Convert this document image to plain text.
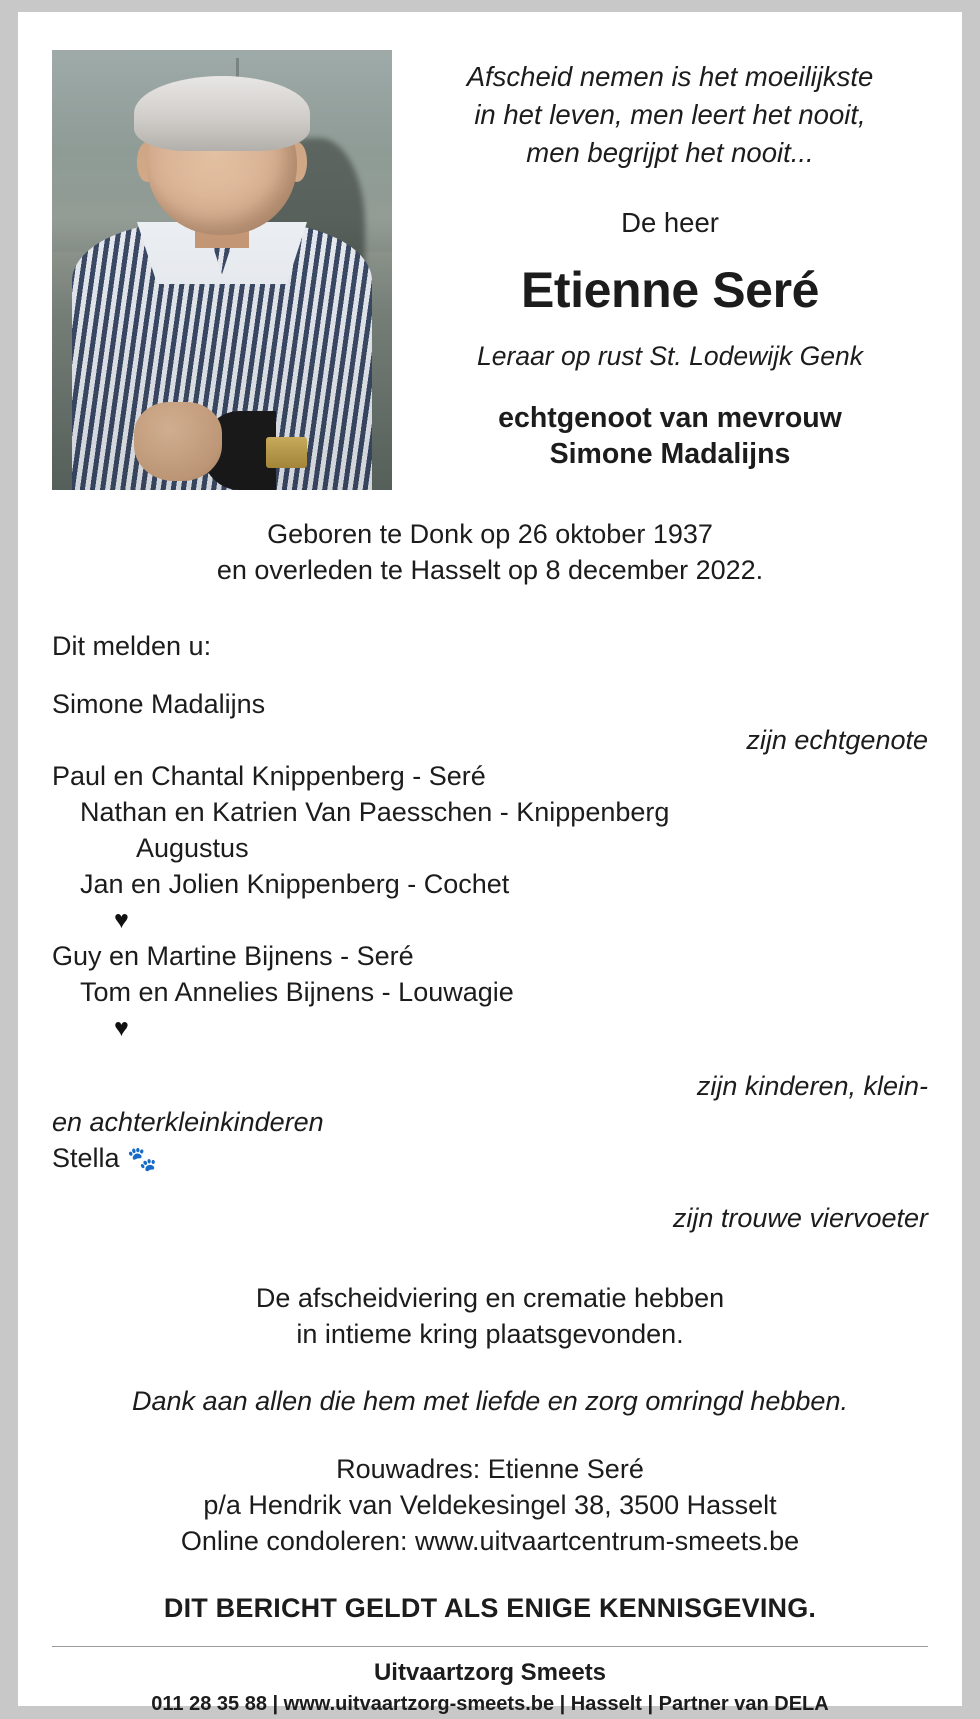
Afscheid nemen is het moeilijkste
in het leven, men leert het nooit,
men begrijpt het nooit...
De heer
Etienne Seré
Leraar op rust St. Lodewijk Genk
echtgenoot van mevrouw
Simone Madalijns
Geboren te Donk op 26 oktober 1937
en overleden te Hasselt op 8 december 2022.
Dit melden u:
Simone Madalijns
zijn echtgenote
Paul en Chantal Knippenberg - Seré
Nathan en Katrien Van Paesschen - Knippenberg
Augustus
Jan en Jolien Knippenberg - Cochet
♥
Guy en Martine Bijnens - Seré
Tom en Annelies Bijnens - Louwagie
♥
zijn kinderen, klein-
en achterkleinkinderen
Stella 🐾
zijn trouwe viervoeter
De afscheidviering en crematie hebben
in intieme kring plaatsgevonden.
Dank aan allen die hem met liefde en zorg omringd hebben.
Rouwadres: Etienne Seré
p/a Hendrik van Veldekesingel 38, 3500 Hasselt
Online condoleren: www.uitvaartcentrum-smeets.be
DIT BERICHT GELDT ALS ENIGE KENNISGEVING.
Uitvaartzorg Smeets
011 28 35 88 | www.uitvaartzorg-smeets.be | Hasselt | Partner van DELA
